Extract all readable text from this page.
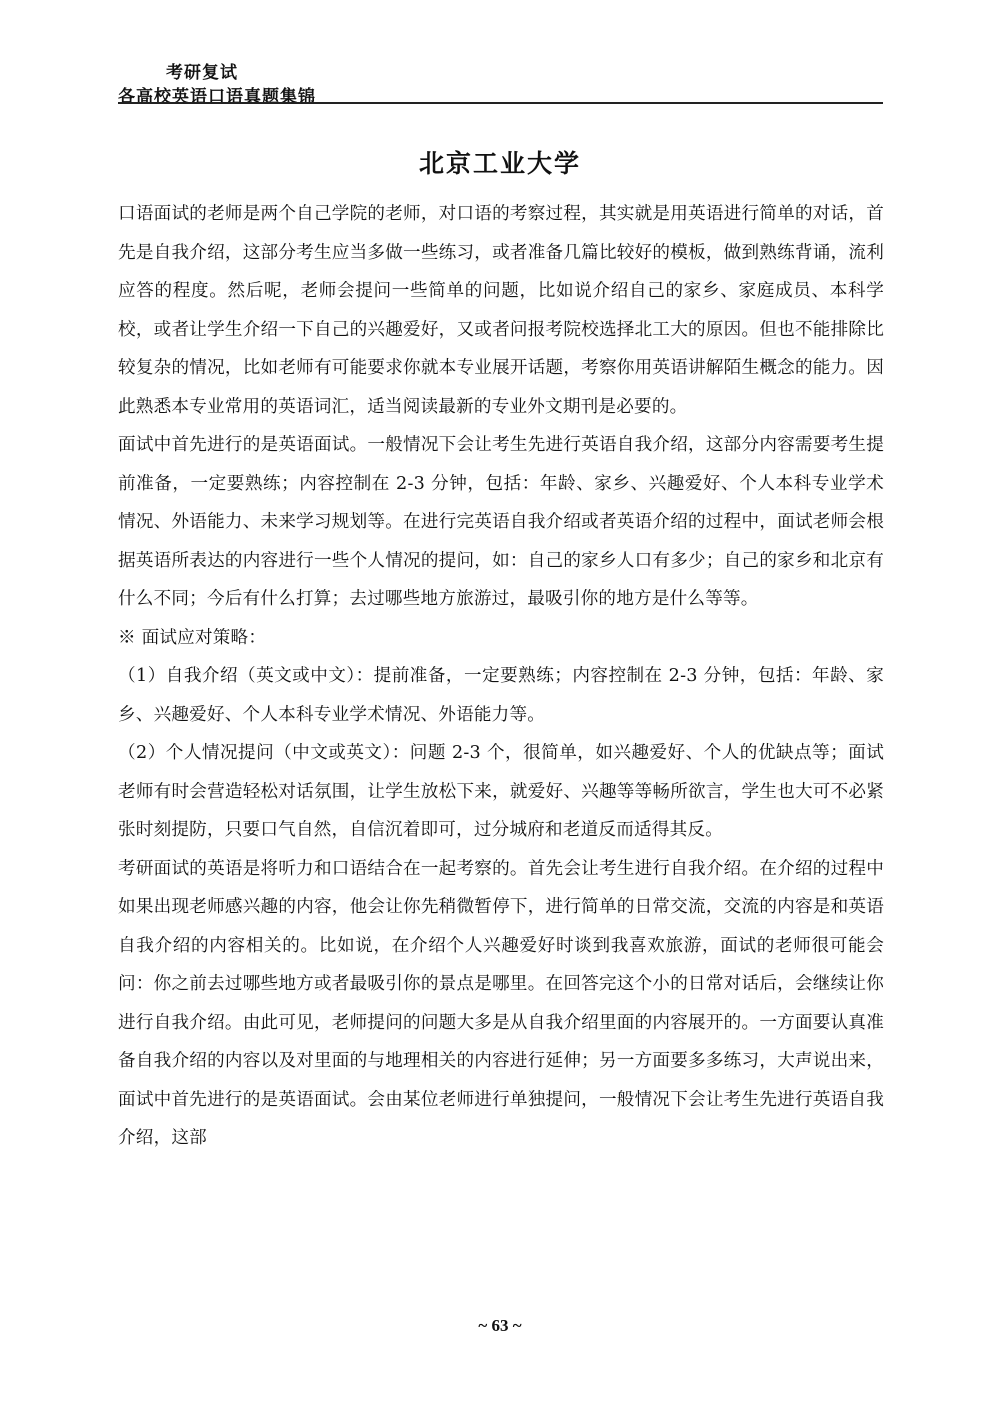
考研复试
各高校英语口语真题集锦
北京工业大学

口语面试的老师是两个自己学院的老师，对口语的考察过程，其实就是用英语进行简单的对话，首先是自我介绍，这部分考生应当多做一些练习，或者准备几篇比较好的模板，做到熟练背诵，流利应答的程度。然后呢，老师会提问一些简单的问题，比如说介绍自己的家乡、家庭成员、本科学校，或者让学生介绍一下自己的兴趣爱好，又或者问报考院校选择北工大的原因。但也不能排除比较复杂的情况，比如老师有可能要求你就本专业展开话题，考察你用英语讲解陌生概念的能力。因此熟悉本专业常用的英语词汇，适当阅读最新的专业外文期刊是必要的。

面试中首先进行的是英语面试。一般情况下会让考生先进行英语自我介绍，这部分内容需要考生提前准备，一定要熟练；内容控制在 2-3 分钟，包括：年龄、家乡、兴趣爱好、个人本科专业学术情况、外语能力、未来学习规划等。在进行完英语自我介绍或者英语介绍的过程中，面试老师会根据英语所表达的内容进行一些个人情况的提问，如：自己的家乡人口有多少；自己的家乡和北京有什么不同；今后有什么打算；去过哪些地方旅游过，最吸引你的地方是什么等等。

※ 面试应对策略：

（1）自我介绍（英文或中文）：提前准备，一定要熟练；内容控制在 2-3 分钟，包括：年龄、家乡、兴趣爱好、个人本科专业学术情况、外语能力等。

（2）个人情况提问（中文或英文）：问题 2-3 个，很简单，如兴趣爱好、个人的优缺点等；面试老师有时会营造轻松对话氛围，让学生放松下来，就爱好、兴趣等等畅所欲言，学生也大可不必紧张时刻提防，只要口气自然，自信沉着即可，过分城府和老道反而适得其反。

考研面试的英语是将听力和口语结合在一起考察的。首先会让考生进行自我介绍。在介绍的过程中如果出现老师感兴趣的内容，他会让你先稍微暂停下，进行简单的日常交流，交流的内容是和英语自我介绍的内容相关的。比如说，在介绍个人兴趣爱好时谈到我喜欢旅游，面试的老师很可能会问：你之前去过哪些地方或者最吸引你的景点是哪里。在回答完这个小的日常对话后，会继续让你进行自我介绍。由此可见，老师提问的问题大多是从自我介绍里面的内容展开的。一方面要认真准备自我介绍的内容以及对里面的与地理相关的内容进行延伸；另一方面要多多练习，大声说出来，面试中首先进行的是英语面试。会由某位老师进行单独提问，一般情况下会让考生先进行英语自我介绍，这部

~ 63 ~
